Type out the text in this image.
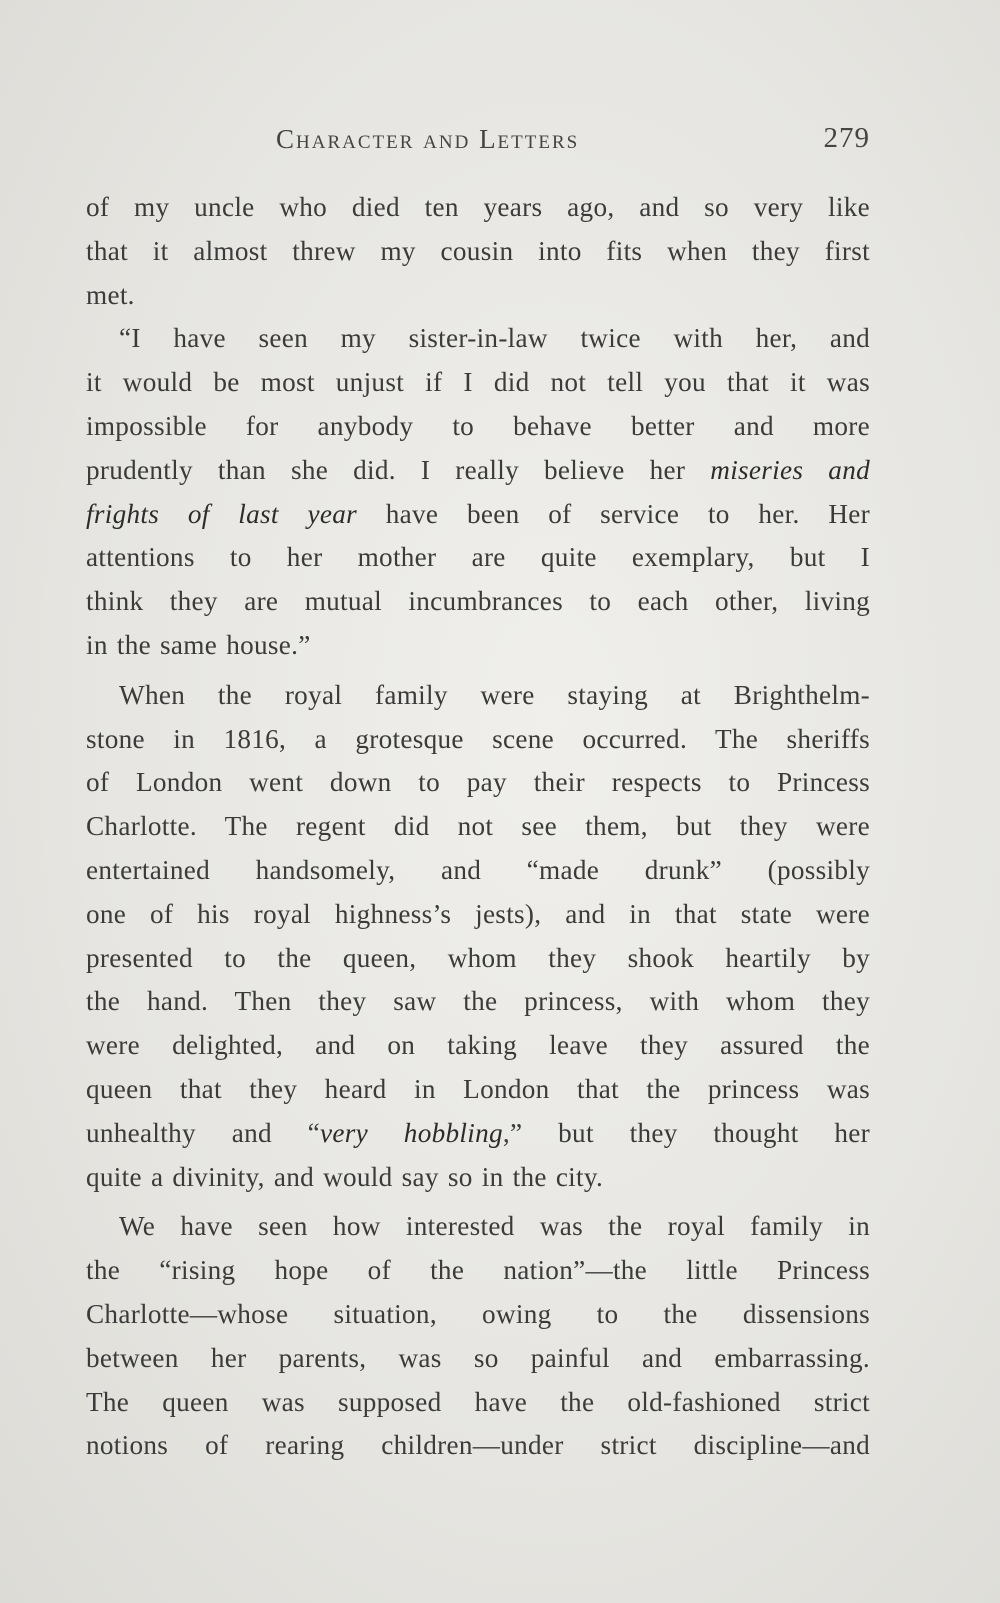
Character and Letters	279

of my uncle who died ten years ago, and so very like

that it almost threw my cousin into fits when they first

met.

“I have seen my sister-in-law twice with her, and

it would be most unjust if I did not tell you that it was

impossible for anybody to behave better and more

prudently than she did. I really believe her miseries and

frights of last year have been of service to her. Her

attentions to her mother are quite exemplary, but I

think they are mutual incumbrances to each other, living

in the same house.”

When the royal family were staying at Brighthelm-

stone in 1816, a grotesque scene occurred. The sheriffs

of London went down to pay their respects to Princess

Charlotte. The regent did not see them, but they were

entertained handsomely, and “made drunk” (possibly

one of his royal highness’s jests), and in that state were

presented to the queen, whom they shook heartily by

the hand. Then they saw the princess, with whom they

were delighted, and on taking leave they assured the

queen that they heard in London that the princess was

unhealthy and “very hobbling,” but they thought her

quite a divinity, and would say so in the city.

We have seen how interested was the royal family in

the “rising hope of the nation”—the little Princess

Charlotte—whose situation, owing to the dissensions

between her parents, was so painful and embarrassing.

The queen was supposed have the old-fashioned strict

notions of rearing children—under strict discipline—and
